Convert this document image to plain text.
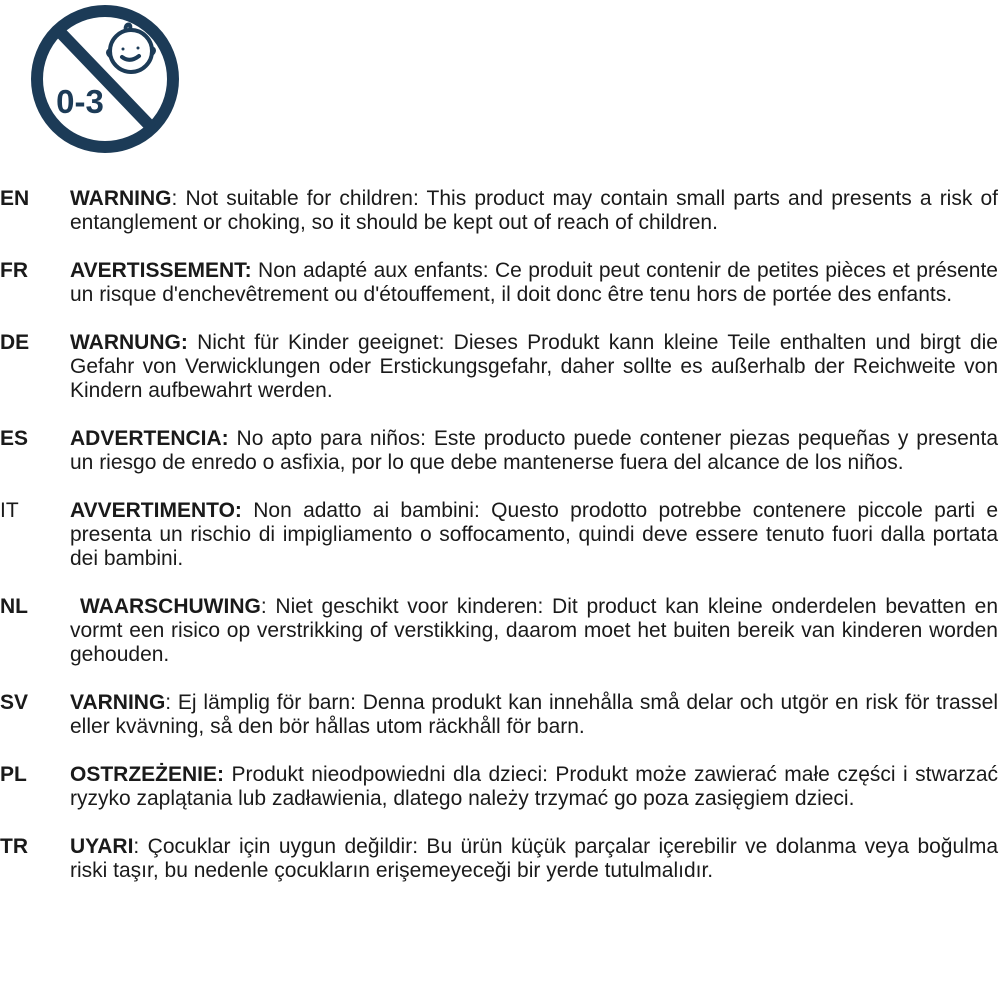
0-3
EN	WARNING: Not suitable for children: This product may contain small parts and presents a risk of entanglement or choking, so it should be kept out of reach of children.
FR	AVERTISSEMENT: Non adapté aux enfants: Ce produit peut contenir de petites pièces et présente un risque d'enchevêtrement ou d'étouffement, il doit donc être tenu hors de portée des enfants.
DE	WARNUNG: Nicht für Kinder geeignet: Dieses Produkt kann kleine Teile enthalten und birgt die Gefahr von Verwicklungen oder Erstickungsgefahr, daher sollte es außerhalb der Reichweite von Kindern aufbewahrt werden.
ES	ADVERTENCIA: No apto para niños: Este producto puede contener piezas pequeñas y presenta un riesgo de enredo o asfixia, por lo que debe mantenerse fuera del alcance de los niños.
IT	AVVERTIMENTO: Non adatto ai bambini: Questo prodotto potrebbe contenere piccole parti e presenta un rischio di impigliamento o soffocamento, quindi deve essere tenuto fuori dalla portata dei bambini.
NL	WAARSCHUWING: Niet geschikt voor kinderen: Dit product kan kleine onderdelen bevatten en vormt een risico op verstrikking of verstikking, daarom moet het buiten bereik van kinderen worden gehouden.
SV	VARNING: Ej lämplig för barn: Denna produkt kan innehålla små delar och utgör en risk för trassel eller kvävning, så den bör hållas utom räckhåll för barn.
PL	OSTRZEŻENIE: Produkt nieodpowiedni dla dzieci: Produkt może zawierać małe części i stwarzać ryzyko zaplątania lub zadławienia, dlatego należy trzymać go poza zasięgiem dzieci.
TR	UYARI: Çocuklar için uygun değildir: Bu ürün küçük parçalar içerebilir ve dolanma veya boğulma riski taşır, bu nedenle çocukların erişemeyeceği bir yerde tutulmalıdır.
